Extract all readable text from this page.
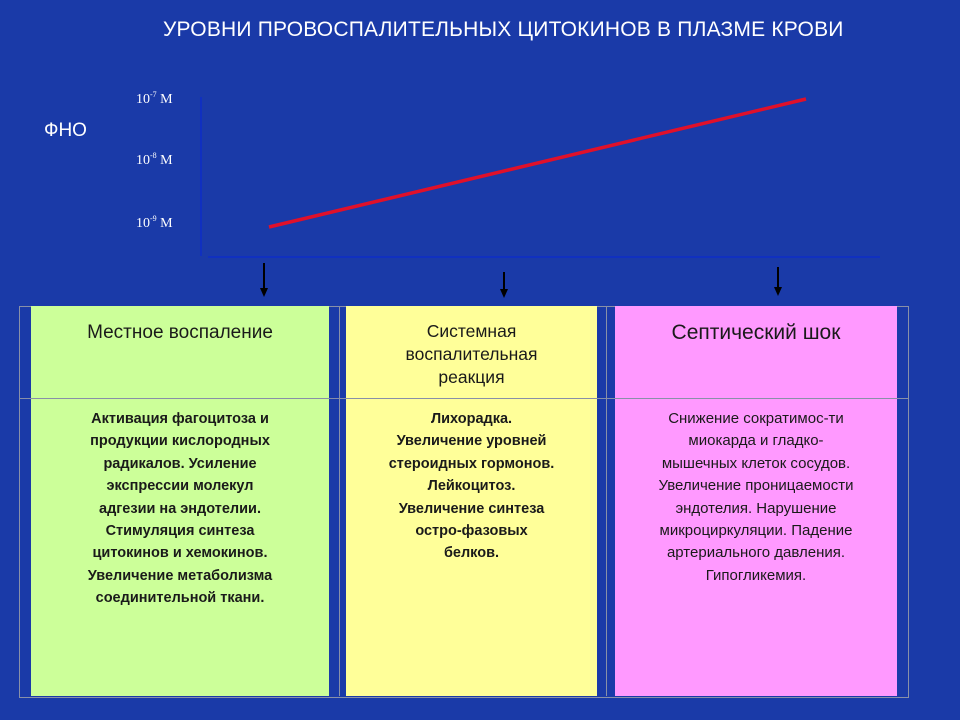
УРОВНИ ПРОВОСПАЛИТЕЛЬНЫХ ЦИТОКИНОВ В ПЛАЗМЕ КРОВИ
ФНО
$10^{-7}$ M
$10^{-8}$ M
$10^{-9}$ M
Местное воспаление
Активация фагоцитоза и
продукции кислородных
радикалов. Усиление
экспрессии молекул
адгезии на эндотелии.
Стимуляция синтеза
цитокинов и хемокинов.
Увеличение метаболизма
соединительной ткани.
Системная
воспалительная
реакция
Лихорадка.
Увеличение уровней
стероидных гормонов.
Лейкоцитоз.
Увеличение синтеза
остро-фазовых
белков.
Септический шок
Снижение сократимос-ти
миокарда и гладко-
мышечных клеток сосудов.
Увеличение проницаемости
эндотелия. Нарушение
микроциркуляции. Падение
артериального давления.
Гипогликемия.
